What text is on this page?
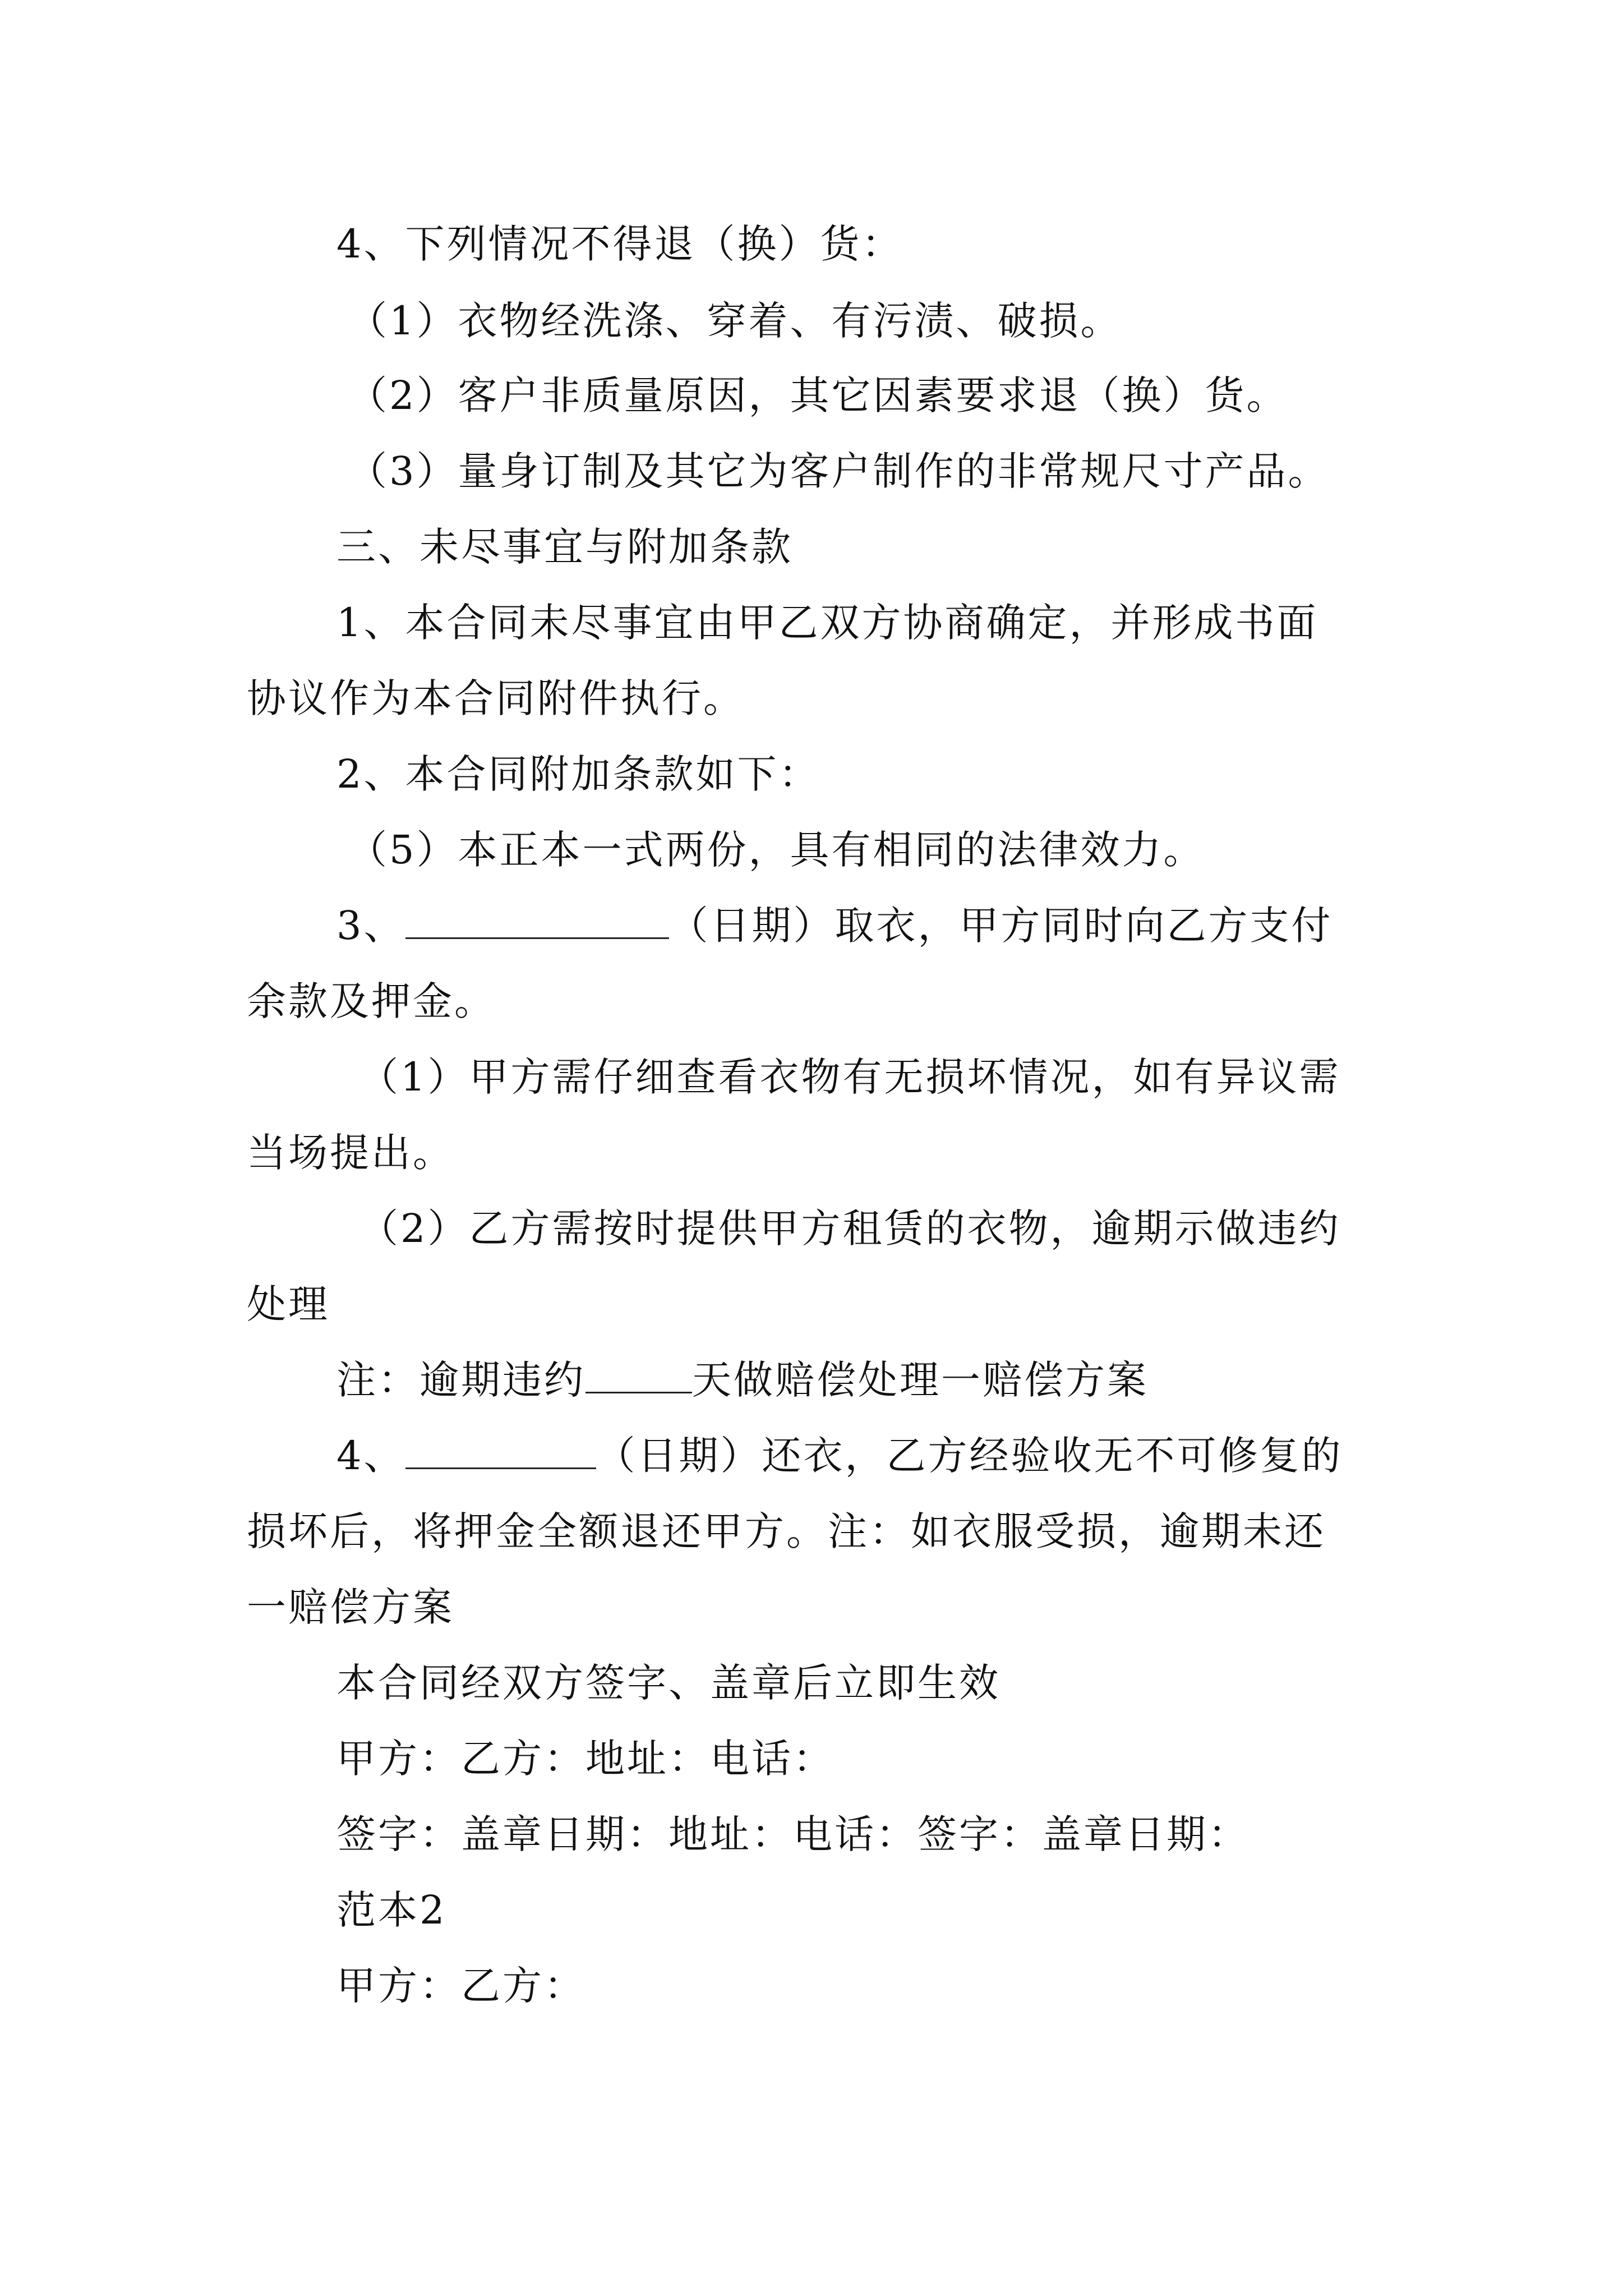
4、下列情况不得退（换）货：
（1）衣物经洗涤、穿着、有污渍、破损。
（2）客户非质量原因，其它因素要求退（换）货。
（3）量身订制及其它为客户制作的非常规尺寸产品。
三、未尽事宜与附加条款
1、本合同未尽事宜由甲乙双方协商确定，并形成书面
协议作为本合同附件执行。
2、本合同附加条款如下：
（5）本正本一式两份，具有相同的法律效力。
3、	（日期）取衣，甲方同时向乙方支付
余款及押金。
（1）甲方需仔细查看衣物有无损坏情况，如有异议需
当场提出。
（2）乙方需按时提供甲方租赁的衣物，逾期示做违约
处理
注：逾期违约	天做赔偿处理一赔偿方案
4、	（日期）还衣，乙方经验收无不可修复的
损坏后，将押金全额退还甲方。注：如衣服受损，逾期未还
一赔偿方案
本合同经双方签字、盖章后立即生效
甲方：乙方：地址：电话：
签字：盖章日期：地址：电话：签字：盖章日期：
范本2
甲方：乙方：
